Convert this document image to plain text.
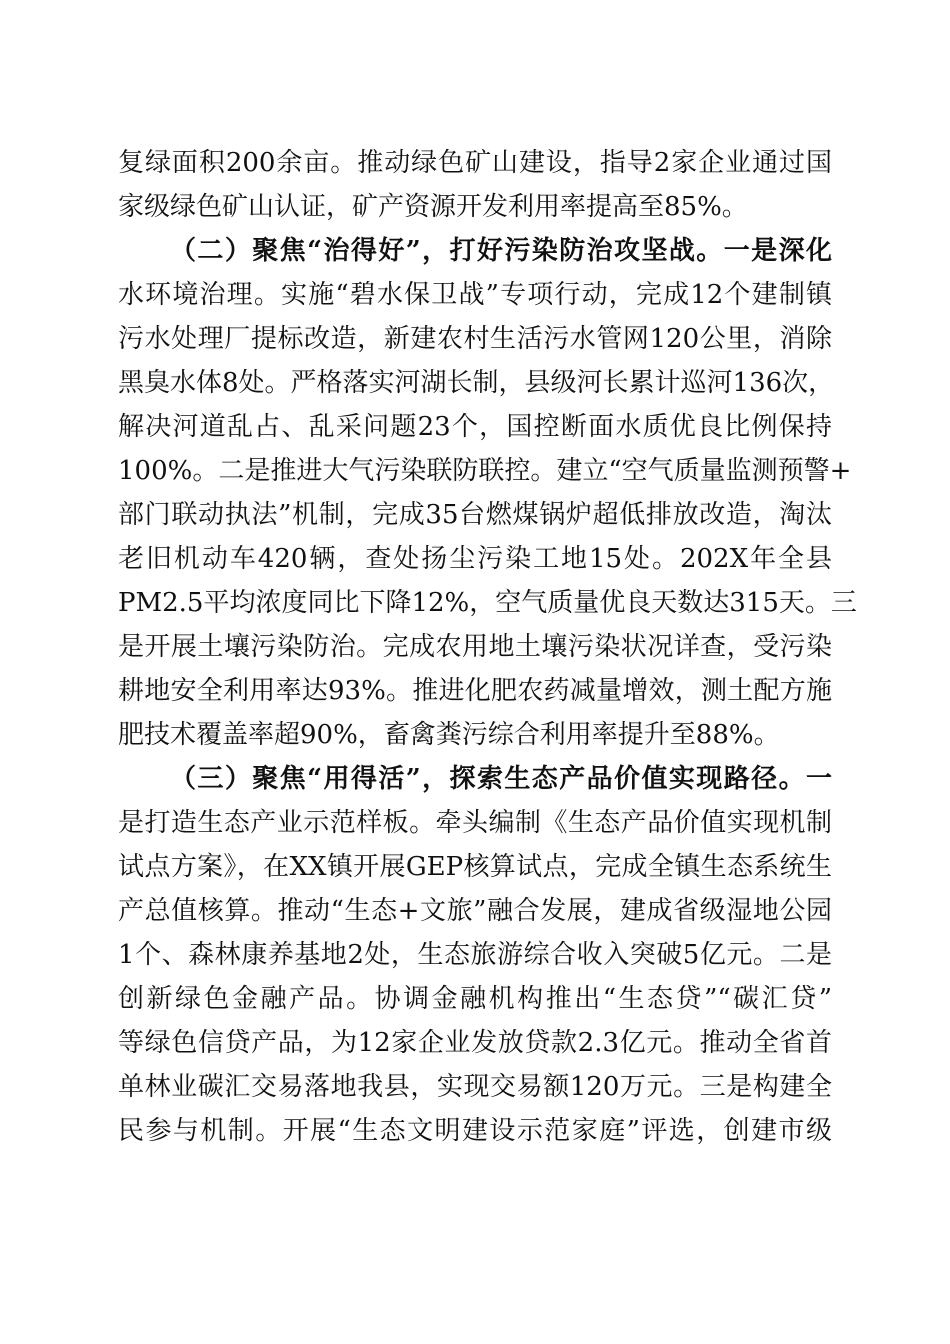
复绿面积200余亩。推动绿色矿山建设，指导2家企业通过国
家级绿色矿山认证，矿产资源开发利用率提高至85%。
（二）聚焦“治得好”，打好污染防治攻坚战。一是深化
水环境治理。实施“碧水保卫战”专项行动，完成12个建制镇
污水处理厂提标改造，新建农村生活污水管网120公里，消除
黑臭水体8处。严格落实河湖长制，县级河长累计巡河136次，
解决河道乱占、乱采问题23个，国控断面水质优良比例保持
100%。二是推进大气污染联防联控。建立“空气质量监测预警+
部门联动执法”机制，完成35台燃煤锅炉超低排放改造，淘汰
老旧机动车420辆，查处扬尘污染工地15处。202X年全县
PM2.5平均浓度同比下降12%，空气质量优良天数达315天。三
是开展土壤污染防治。完成农用地土壤污染状况详查，受污染
耕地安全利用率达93%。推进化肥农药减量增效，测土配方施
肥技术覆盖率超90%，畜禽粪污综合利用率提升至88%。
（三）聚焦“用得活”，探索生态产品价值实现路径。一
是打造生态产业示范样板。牵头编制《生态产品价值实现机制
试点方案》，在XX镇开展GEP核算试点，完成全镇生态系统生
产总值核算。推动“生态+文旅”融合发展，建成省级湿地公园
1个、森林康养基地2处，生态旅游综合收入突破5亿元。二是
创新绿色金融产品。协调金融机构推出“生态贷”“碳汇贷”
等绿色信贷产品，为12家企业发放贷款2.3亿元。推动全省首
单林业碳汇交易落地我县，实现交易额120万元。三是构建全
民参与机制。开展“生态文明建设示范家庭”评选，创建市级
